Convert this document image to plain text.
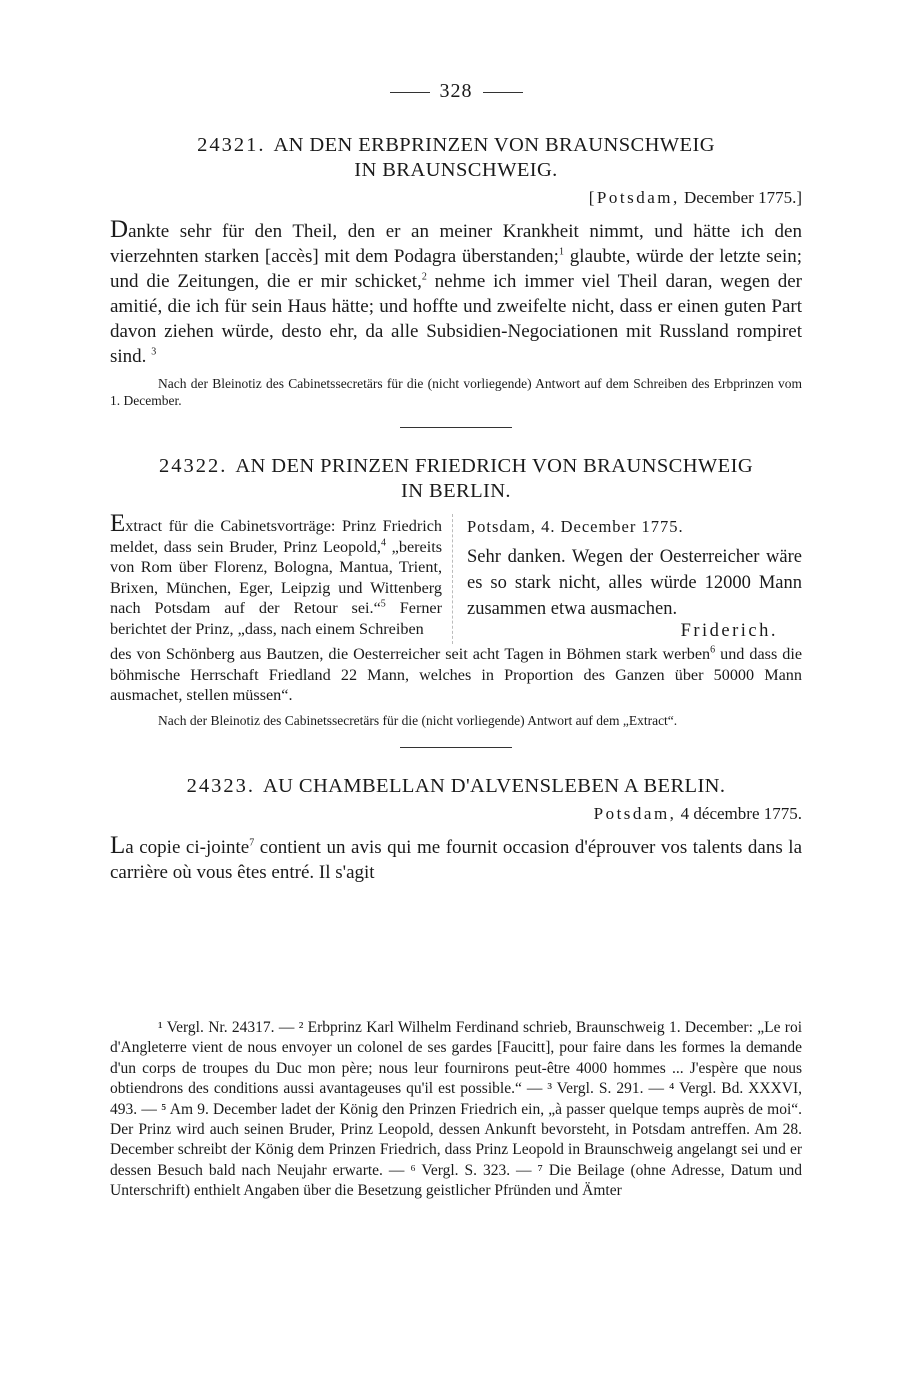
328
24321. AN DEN ERBPRINZEN VON BRAUNSCHWEIG
IN BRAUNSCHWEIG.
[Potsdam, December 1775.]

Dankte sehr für den Theil, den er an meiner Krankheit nimmt, und hätte ich den vierzehnten starken [accès] mit dem Podagra überstanden;$^1$ glaubte, würde der letzte sein; und die Zeitungen, die er mir schicket,$^2$ nehme ich immer viel Theil daran, wegen der amitié, die ich für sein Haus hätte; und hoffte und zweifelte nicht, dass er einen guten Part davon ziehen würde, desto ehr, da alle Subsidien-Negociationen mit Russland rompiret sind. $^3$

Nach der Bleinotiz des Cabinetssecretärs für die (nicht vorliegende) Antwort auf dem Schreiben des Erbprinzen vom 1. December.
24322. AN DEN PRINZEN FRIEDRICH VON BRAUNSCHWEIG
IN BERLIN.
Extract für die Cabinetsvorträge: Prinz Friedrich meldet, dass sein Bruder, Prinz Leopold,$^4$ „bereits von Rom über Florenz, Bologna, Mantua, Trient, Brixen, München, Eger, Leipzig und Wittenberg nach Potsdam auf der Retour sei.“$^5$ Ferner berichtet der Prinz, „dass, nach einem Schreiben
Potsdam, 4. December 1775.
Sehr danken. Wegen der Oesterreicher wäre es so stark nicht, alles würde 12000 Mann zusammen etwa ausmachen.
Friderich.
des von Schönberg aus Bautzen, die Oesterreicher seit acht Tagen in Böhmen stark werben$^6$ und dass die böhmische Herrschaft Friedland 22 Mann, welches in Proportion des Ganzen über 50000 Mann ausmachet, stellen müssen“.
Nach der Bleinotiz des Cabinetssecretärs für die (nicht vorliegende) Antwort auf dem „Extract“.
24323. AU CHAMBELLAN D'ALVENSLEBEN A BERLIN.
Potsdam, 4 décembre 1775.

La copie ci-jointe$^7$ contient un avis qui me fournit occasion d'éprouver vos talents dans la carrière où vous êtes entré. Il s'agit

¹ Vergl. Nr. 24317. — ² Erbprinz Karl Wilhelm Ferdinand schrieb, Braunschweig 1. December: „Le roi d'Angleterre vient de nous envoyer un colonel de ses gardes [Faucitt], pour faire dans les formes la demande d'un corps de troupes du Duc mon père; nous leur fournirons peut-être 4000 hommes ... J'espère que nous obtiendrons des conditions aussi avantageuses qu'il est possible.“ — ³ Vergl. S. 291. — ⁴ Vergl. Bd. XXXVI, 493. — ⁵ Am 9. December ladet der König den Prinzen Friedrich ein, „à passer quelque temps auprès de moi“. Der Prinz wird auch seinen Bruder, Prinz Leopold, dessen Ankunft bevorsteht, in Potsdam antreffen. Am 28. December schreibt der König dem Prinzen Friedrich, dass Prinz Leopold in Braunschweig angelangt sei und er dessen Besuch bald nach Neujahr erwarte. — ⁶ Vergl. S. 323. — ⁷ Die Beilage (ohne Adresse, Datum und Unterschrift) enthielt Angaben über die Besetzung geistlicher Pfründen und Ämter
